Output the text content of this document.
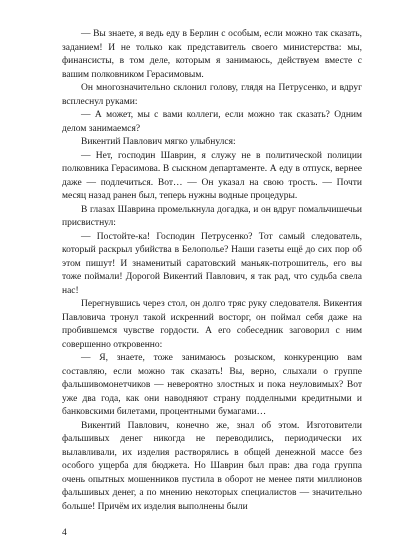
— Вы знаете, я ведь еду в Берлин с особым, если можно так сказать, заданием! И не только как представитель своего министерства: мы, финансисты, в том деле, которым я занимаюсь, действуем вместе с вашим полковником Герасимовым.

Он многозначительно склонил голову, глядя на Петрусенко, и вдруг всплеснул руками:

— А может, мы с вами коллеги, если можно так сказать? Одним делом занимаемся?

Викентий Павлович мягко улыбнулся:

— Нет, господин Шаврин, я служу не в политической полиции полковника Герасимова. В сыскном департаменте. А еду в отпуск, вернее даже — подлечиться. Вот… — Он указал на свою трость. — Почти месяц назад ранен был, теперь нужны водные процедуры.

В глазах Шаврина промелькнула догадка, и он вдруг помальчишечьи присвистнул:

— Постойте-ка! Господин Петрусенко? Тот самый следователь, который раскрыл убийства в Белополье? Наши газеты ещё до сих пор об этом пишут! И знаменитый саратовский маньяк-потрошитель, его вы тоже поймали! Дорогой Викентий Павлович, я так рад, что судьба свела нас!

Перегнувшись через стол, он долго тряс руку следователя. Викентия Павловича тронул такой искренний восторг, он поймал себя даже на пробившемся чувстве гордости. А его собеседник заговорил с ним совершенно откровенно:

— Я, знаете, тоже занимаюсь розыском, конкуренцию вам составляю, если можно так сказать! Вы, верно, слыхали о группе фальшивомонетчиков — невероятно злостных и пока неуловимых? Вот уже два года, как они наводняют страну подделными кредитными и банковскими билетами, процентными бумагами…

Викентий Павлович, конечно же, знал об этом. Изготовители фальшивых денег никогда не переводились, периодически их вылавливали, их изделия растворялись в общей денежной массе без особого ущерба для бюджета. Но Шаврин был прав: два года группа очень опытных мошенников пустила в оборот не менее пяти миллионов фальшивых денег, а по мнению некоторых специалистов — значительно больше! Причём их изделия выполнены были

4
